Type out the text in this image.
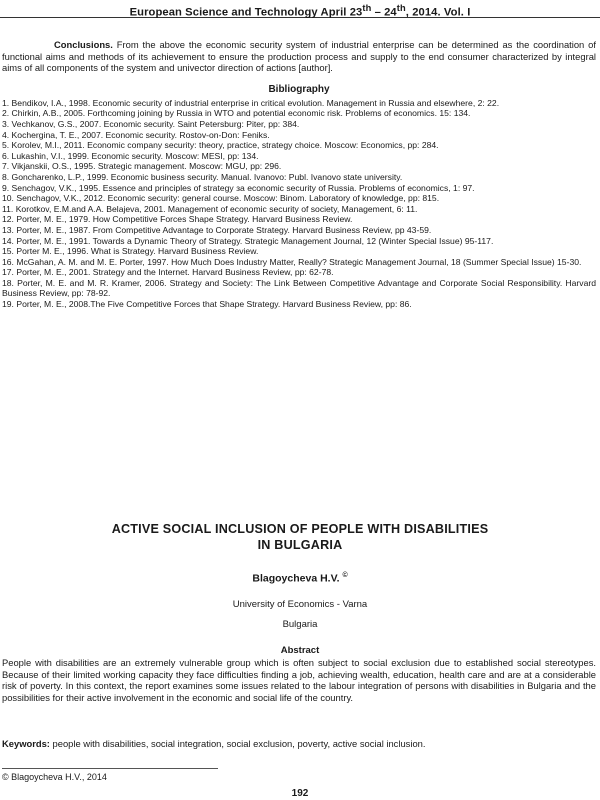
European Science and Technology April 23th – 24th, 2014. Vol. I

Conclusions. From the above the economic security system of industrial enterprise can be determined as the coordination of functional aims and methods of its achievement to ensure the production process and supply to the end consumer characterized by integral aims of all components of the system and univector direction of actions [author].

Bibliography
1. Bendikov, I.A., 1998. Economic security of industrial enterprise in critical evolution. Management in Russia and elsewhere, 2: 22.
2. Chirkin, A.B., 2005. Forthcoming joining by Russia in WTO and potential economic risk. Problems of economics. 15: 134.
3. Vechkanov, G.S., 2007. Economic security. Saint Petersburg: Piter, pp: 384.
4. Kochergina, T. E., 2007. Economic security. Rostov-on-Don: Feniks.
5. Korolev, M.I., 2011. Economic company security: theory, practice, strategy choice. Moscow: Economics, pp: 284.
6. Lukashin, V.I., 1999. Economic security. Moscow: MESI, pp: 134.
7. Vikjanskii, O.S., 1995. Strategic management. Moscow: MGU, pp: 296.
8. Goncharenko, L.P., 1999. Economic business security. Manual. Ivanovo: Publ. Ivanovo state university.
9. Senchagov, V.K., 1995. Essence and principles of strategy за economic security of Russia. Problems of economics, 1: 97.
10. Senchagov, V.K., 2012. Economic security: general course. Moscow: Binom. Laboratory of knowledge, pp: 815.
11. Korotkov, E.M.and A.A. Belajeva, 2001. Management of economic security of society, Management, 6: 11.
12. Porter, M. E., 1979. How Competitive Forces Shape Strategy. Harvard Business Review.
13. Porter, M. E., 1987. From Competitive Advantage to Corporate Strategy. Harvard Business Review, pp 43-59.
14. Porter, M. E., 1991. Towards a Dynamic Theory of Strategy. Strategic Management Journal, 12 (Winter Special Issue) 95-117.
15. Porter M. E., 1996. What is Strategy. Harvard Business Review.
16. McGahan, A. M. and M. E. Porter, 1997. How Much Does Industry Matter, Really? Strategic Management Journal, 18 (Summer Special Issue) 15-30.
17. Porter, M. E., 2001. Strategy and the Internet. Harvard Business Review, pp: 62-78.
18. Porter, M. E. and M. R. Kramer, 2006. Strategy and Society: The Link Between Competitive Advantage and Corporate Social Responsibility. Harvard Business Review, pp: 78-92.
19. Porter, M. E., 2008.The Five Competitive Forces that Shape Strategy. Harvard Business Review, pp: 86.
ACTIVE SOCIAL INCLUSION OF PEOPLE WITH DISABILITIES
IN BULGARIA
Blagoycheva H.V. ©
University of Economics - Varna
Bulgaria
Abstract

People with disabilities are an extremely vulnerable group which is often subject to social exclusion due to established social stereotypes. Because of their limited working capacity they face difficulties finding a job, achieving wealth, education, health care and are at a considerable risk of poverty. In this context, the report examines some issues related to the labour integration of persons with disabilities in Bulgaria and the possibilities for their active involvement in the economic and social life of the country.

Keywords: people with disabilities, social integration, social exclusion, poverty, active social inclusion.

© Blagoycheva H.V., 2014
192
